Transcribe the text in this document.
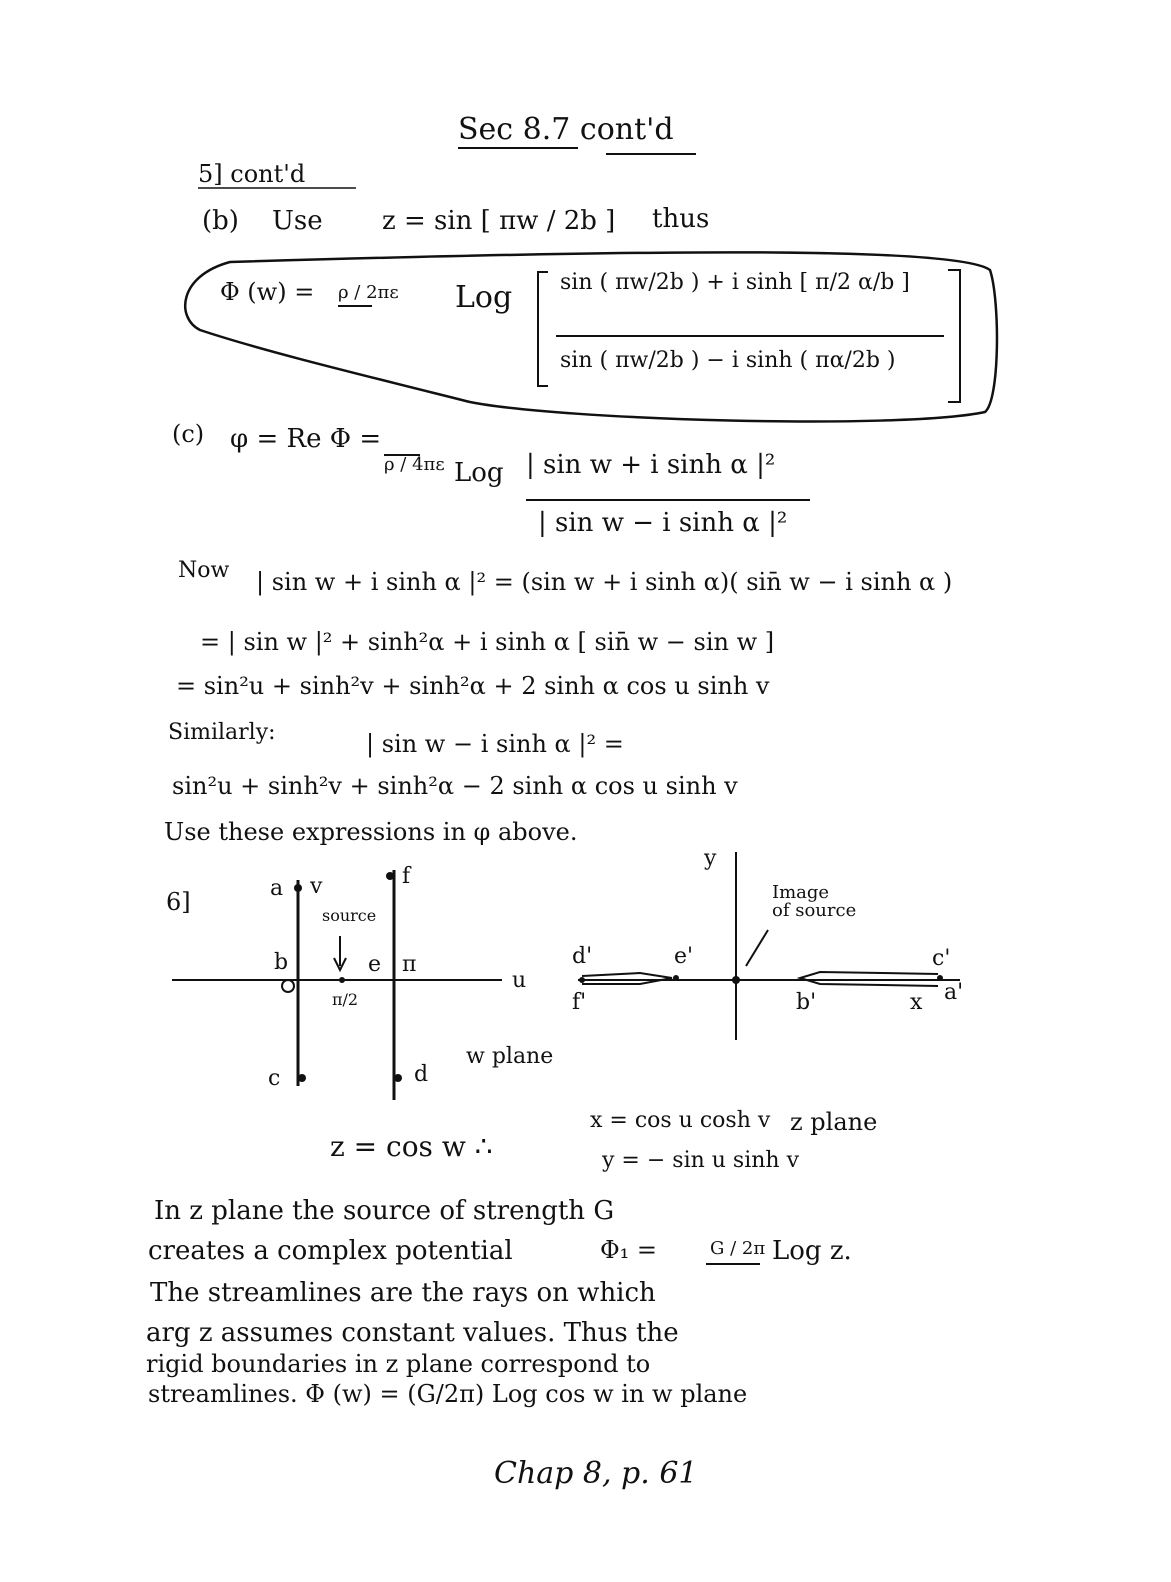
Sec 8.7 cont'd
5] cont'd
(b) Use z = sin [ πw / 2b ] thus
Φ (w) = ρ / 2πε Log sin ( πw/2b ) + i sinh [ π/2 α/b ]
sin ( πw/2b ) − i sinh ( πα/2b )
(c) φ = Re Φ =
ρ / 4πε Log | sin w + i sinh α |²
| sin w − i sinh α |²
Now | sin w + i sinh α |² = (sin w + i sinh α)( sin̄ w − i sinh α )
= | sin w |² + sinh²α + i sinh α [ sin̄ w − sin w ]
= sin²u + sinh²v + sinh²α + 2 sinh α cos u sinh v
Similarly:	| sin w − i sinh α |² =
sin²u + sinh²v + sinh²α − 2 sinh α cos u sinh v
Use these expressions in φ above.
6]	a v	f
source
b	e π
π/2
u
w plane
c	d
y
Image
of source
d'	e'	c'
f'	b'	x a'
z = cos w ∴
x = cos u cosh v
y = − sin u sinh v
z plane
In z plane the source of strength G
creates a complex potential	Φ₁ =	G / 2π Log z.
The streamlines are the rays on which
arg z assumes constant values. Thus the
rigid boundaries in z plane correspond to
streamlines. Φ (w) = (G/2π) Log cos w in w plane
Chap 8, p. 61
